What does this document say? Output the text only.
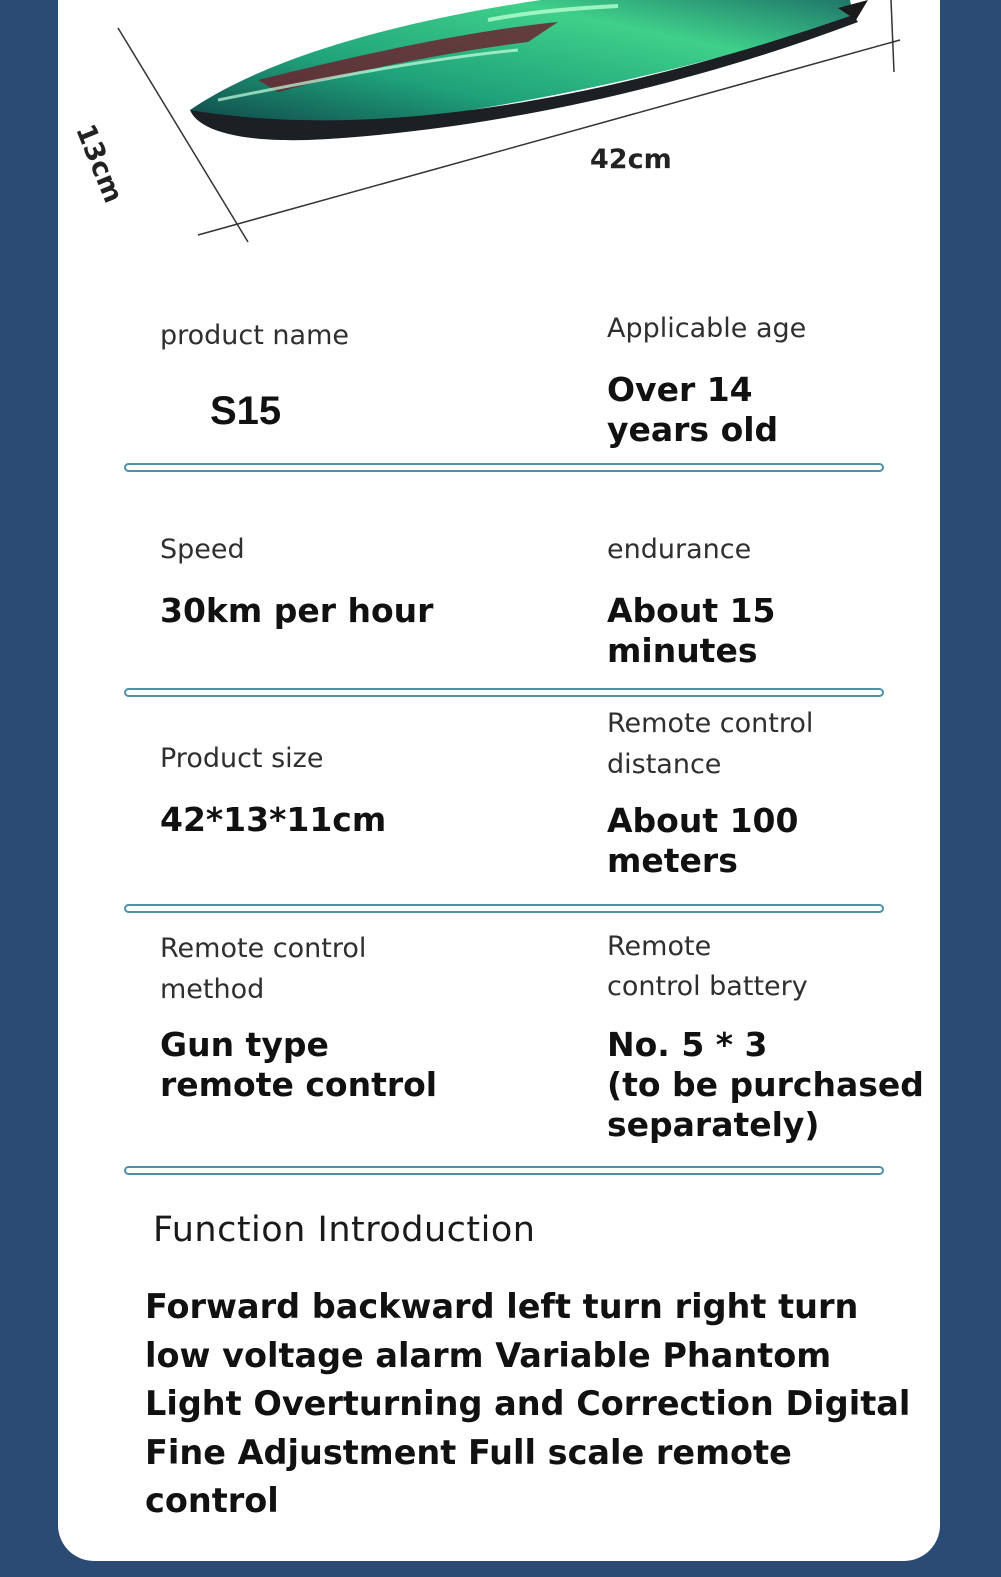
42cm
13cm
product name
S15
Applicable age
Over 14
years old
Speed
30km per hour
endurance
About 15
minutes
Product size
42*13*11cm
Remote control
distance
About 100
meters
Remote control
method
Gun type
remote control
Remote
control battery
No. 5 * 3
(to be purchased
separately)
Function Introduction
Forward backward left turn right turn low voltage alarm Variable Phantom Light Overturning and Correction Digital Fine Adjustment Full scale remote control
